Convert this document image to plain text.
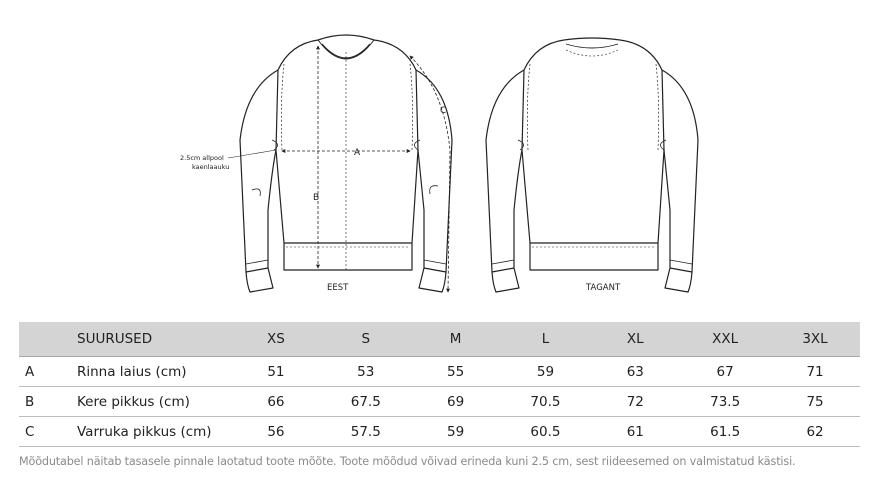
A
B
C
2.5cm allpool
kaenlaauku
EEST	TAGANT
	SUURUSED	XS	S	M	L	XL	XXL	3XL
A	Rinna laius (cm)	51	53	55	59	63	67	71
B	Kere pikkus (cm)	66	67.5	69	70.5	72	73.5	75
C	Varruka pikkus (cm)	56	57.5	59	60.5	61	61.5	62
Mõõdutabel näitab tasasele pinnale laotatud toote mõõte. Toote mõõdud võivad erineda kuni 2.5 cm, sest riideesemed on valmistatud kästisi.
